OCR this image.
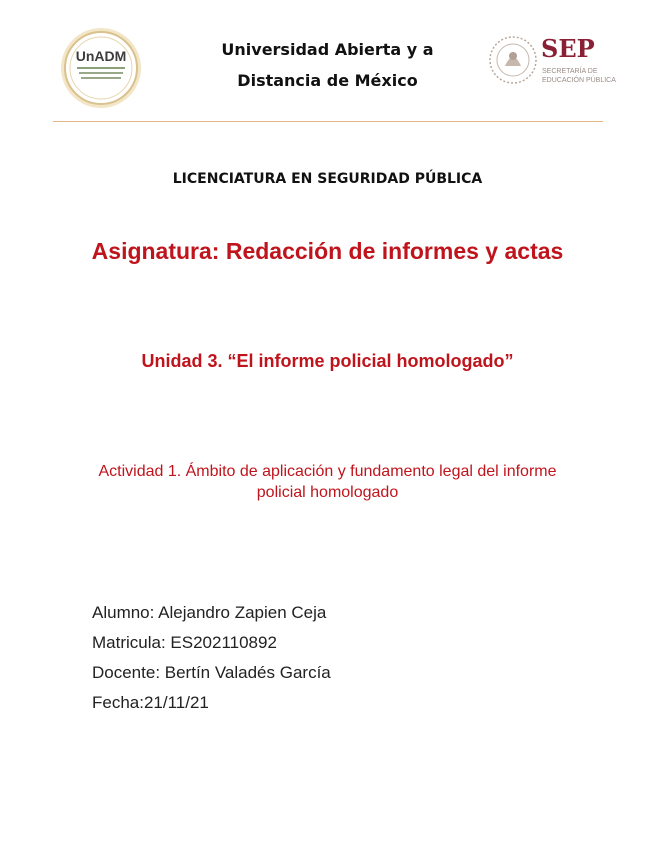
UnADM	Universidad Abierta y a
Distancia de México
SEP
SECRETARÍA DE
EDUCACIÓN PÚBLICA
LICENCIATURA EN SEGURIDAD PÚBLICA
Asignatura: Redacción de informes y actas
Unidad 3. “El informe policial homologado”
Actividad 1. Ámbito de aplicación y fundamento legal del informe policial homologado
Alumno: Alejandro Zapien Ceja
Matricula: ES202110892
Docente: Bertín Valadés García
Fecha:21/11/21
